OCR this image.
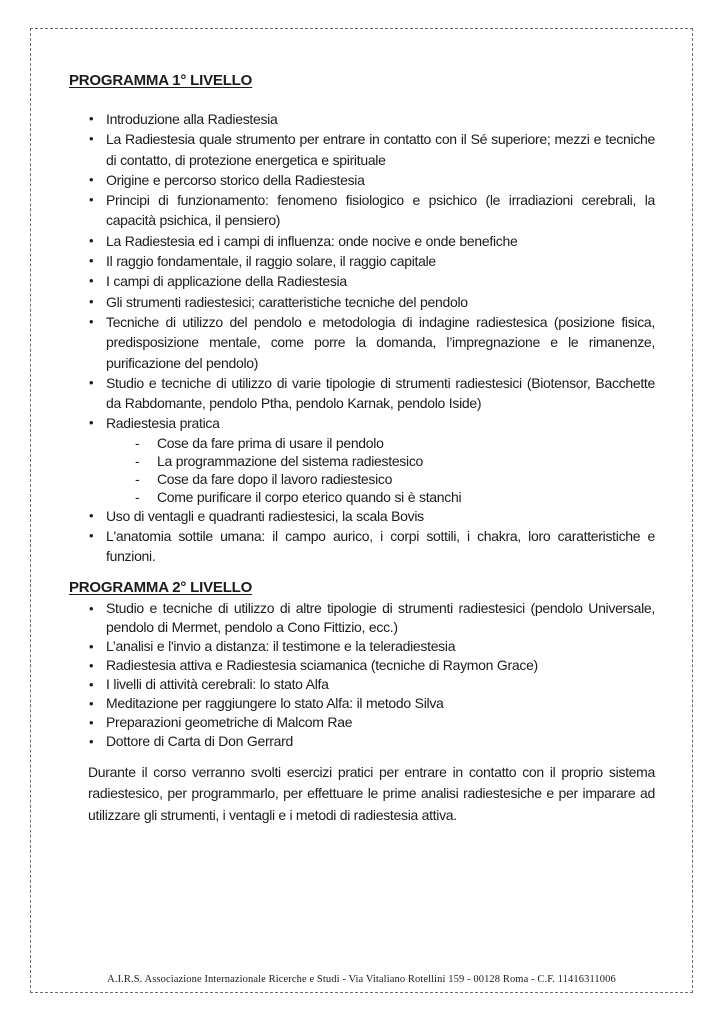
PROGRAMMA 1° LIVELLO
• Introduzione alla Radiestesia
• La Radiestesia quale strumento per entrare in contatto con il Sé superiore; mezzi e tecniche di contatto, di protezione energetica e spirituale
• Origine e percorso storico della Radiestesia
• Principi di funzionamento: fenomeno fisiologico e psichico (le irradiazioni cerebrali, la capacità psichica, il pensiero)
• La Radiestesia ed i campi di influenza: onde nocive e onde benefiche
• Il raggio fondamentale, il raggio solare, il raggio capitale
• I campi di applicazione della Radiestesia
• Gli strumenti radiestesici; caratteristiche tecniche del pendolo
• Tecniche di utilizzo del pendolo e metodologia di indagine radiestesica (posizione fisica, predisposizione mentale, come porre la domanda, l’impregnazione e le rimanenze, purificazione del pendolo)
• Studio e tecniche di utilizzo di varie tipologie di strumenti radiestesici (Biotensor, Bacchette da Rabdomante, pendolo Ptha, pendolo Karnak, pendolo Iside)
• Radiestesia pratica
- Cose da fare prima di usare il pendolo
- La programmazione del sistema radiestesico
- Cose da fare dopo il lavoro radiestesico
- Come purificare il corpo eterico quando si è stanchi
• Uso di ventagli e quadranti radiestesici, la scala Bovis
• L'anatomia sottile umana: il campo aurico, i corpi sottili, i chakra, loro caratteristiche e funzioni.
PROGRAMMA 2° LIVELLO
• Studio e tecniche di utilizzo di altre tipologie di strumenti radiestesici (pendolo Universale, pendolo di Mermet, pendolo a Cono Fittizio, ecc.)
• L’analisi e l'invio a distanza: il testimone e la teleradiestesia
• Radiestesia attiva e Radiestesia sciamanica (tecniche di Raymon Grace)
• I livelli di attività cerebrali: lo stato Alfa
• Meditazione per raggiungere lo stato Alfa: il metodo Silva
• Preparazioni geometriche di Malcom Rae
• Dottore di Carta di Don Gerrard

Durante il corso verranno svolti esercizi pratici per entrare in contatto con il proprio sistema radiestesico, per programmarlo, per effettuare le prime analisi radiestesiche e per imparare ad utilizzare gli strumenti, i ventagli e i metodi di radiestesia attiva.

A.I.R.S. Associazione Internazionale Ricerche e Studi - Via Vitaliano Rotellini 159 - 00128 Roma - C.F. 11416311006
